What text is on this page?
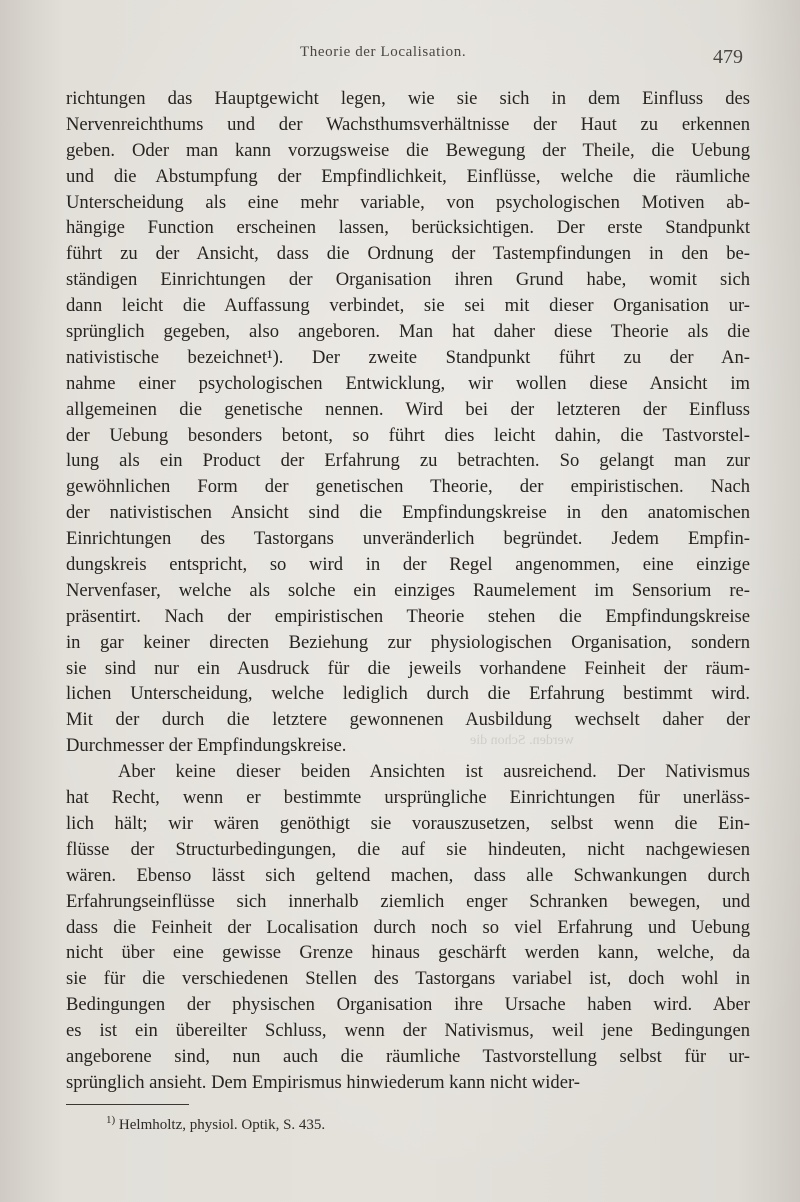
Theorie der Localisation.	479
werden. Schon die
richtungen das Hauptgewicht legen, wie sie sich in dem Einfluss des
Nervenreichthums und der Wachsthumsverhältnisse der Haut zu erkennen
geben. Oder man kann vorzugsweise die Bewegung der Theile, die Uebung
und die Abstumpfung der Empfindlichkeit, Einflüsse, welche die räumliche
Unterscheidung als eine mehr variable, von psychologischen Motiven ab-
hängige Function erscheinen lassen, berücksichtigen. Der erste Standpunkt
führt zu der Ansicht, dass die Ordnung der Tastempfindungen in den be-
ständigen Einrichtungen der Organisation ihren Grund habe, womit sich
dann leicht die Auffassung verbindet, sie sei mit dieser Organisation ur-
sprünglich gegeben, also angeboren. Man hat daher diese Theorie als die
nativistische bezeichnet¹). Der zweite Standpunkt führt zu der An-
nahme einer psychologischen Entwicklung, wir wollen diese Ansicht im
allgemeinen die genetische nennen. Wird bei der letzteren der Einfluss
der Uebung besonders betont, so führt dies leicht dahin, die Tastvorstel-
lung als ein Product der Erfahrung zu betrachten. So gelangt man zur
gewöhnlichen Form der genetischen Theorie, der empiristischen. Nach
der nativistischen Ansicht sind die Empfindungskreise in den anatomischen
Einrichtungen des Tastorgans unveränderlich begründet. Jedem Empfin-
dungskreis entspricht, so wird in der Regel angenommen, eine einzige
Nervenfaser, welche als solche ein einziges Raumelement im Sensorium re-
präsentirt. Nach der empiristischen Theorie stehen die Empfindungskreise
in gar keiner directen Beziehung zur physiologischen Organisation, sondern
sie sind nur ein Ausdruck für die jeweils vorhandene Feinheit der räum-
lichen Unterscheidung, welche lediglich durch die Erfahrung bestimmt wird.
Mit der durch die letztere gewonnenen Ausbildung wechselt daher der
Durchmesser der Empfindungskreise.
Aber keine dieser beiden Ansichten ist ausreichend. Der Nativismus
hat Recht, wenn er bestimmte ursprüngliche Einrichtungen für unerläss-
lich hält; wir wären genöthigt sie vorauszusetzen, selbst wenn die Ein-
flüsse der Structurbedingungen, die auf sie hindeuten, nicht nachgewiesen
wären. Ebenso lässt sich geltend machen, dass alle Schwankungen durch
Erfahrungseinflüsse sich innerhalb ziemlich enger Schranken bewegen, und
dass die Feinheit der Localisation durch noch so viel Erfahrung und Uebung
nicht über eine gewisse Grenze hinaus geschärft werden kann, welche, da
sie für die verschiedenen Stellen des Tastorgans variabel ist, doch wohl in
Bedingungen der physischen Organisation ihre Ursache haben wird. Aber
es ist ein übereilter Schluss, wenn der Nativismus, weil jene Bedingungen
angeborene sind, nun auch die räumliche Tastvorstellung selbst für ur-
sprünglich ansieht. Dem Empirismus hinwiederum kann nicht wider-
$^{1)}$ Helmholtz, physiol. Optik, S. 435.
